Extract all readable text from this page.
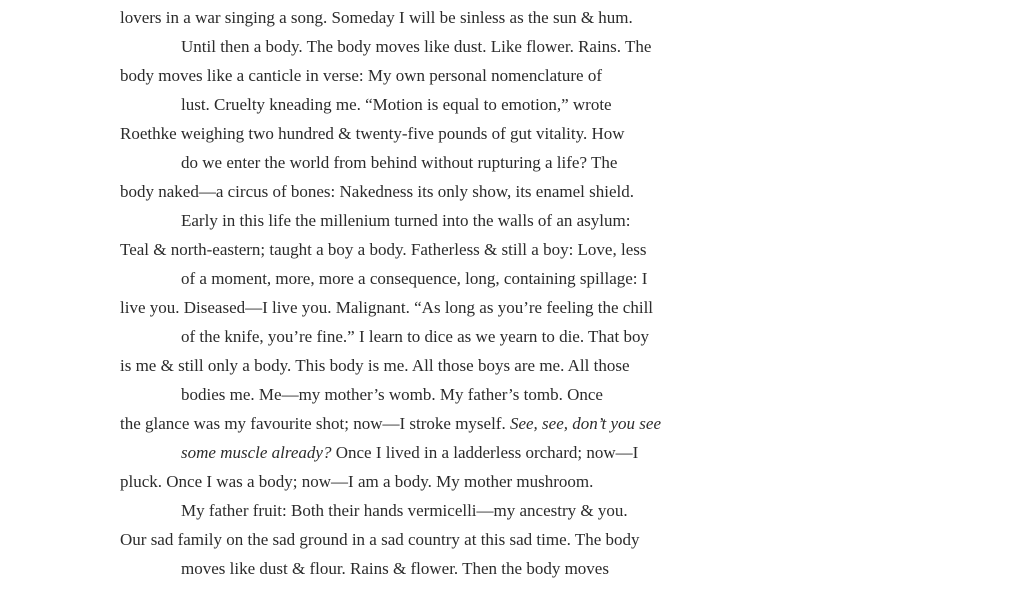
lovers in a war singing a song. Someday I will be sinless as the sun & hum.
Until then a body. The body moves like dust. Like flower. Rains. The
body moves like a canticle in verse: My own personal nomenclature of
lust. Cruelty kneading me. “Motion is equal to emotion,” wrote
Roethke weighing two hundred & twenty-five pounds of gut vitality. How
do we enter the world from behind without rupturing a life? The
body naked—a circus of bones: Nakedness its only show, its enamel shield.
Early in this life the millenium turned into the walls of an asylum:
Teal & north-eastern; taught a boy a body. Fatherless & still a boy: Love, less
of a moment, more, more a consequence, long, containing spillage: I
live you. Diseased—I live you. Malignant. “As long as you’re feeling the chill
of the knife, you’re fine.” I learn to dice as we yearn to die. That boy
is me & still only a body. This body is me. All those boys are me. All those
bodies me. Me—my mother’s womb. My father’s tomb. Once
the glance was my favourite shot; now—I stroke myself. See, see, don’t you see
some muscle already? Once I lived in a ladderless orchard; now—I
pluck. Once I was a body; now—I am a body. My mother mushroom.
My father fruit: Both their hands vermicelli—my ancestry & you.
Our sad family on the sad ground in a sad country at this sad time. The body
moves like dust & flour. Rains & flower. Then the body moves
